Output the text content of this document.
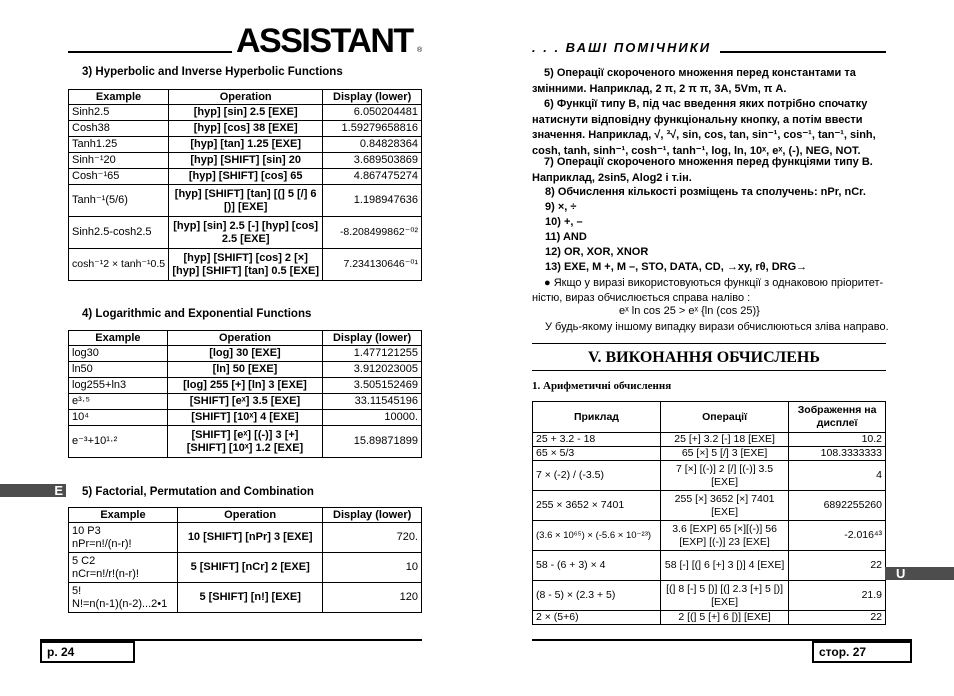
ASSISTANT ®	. . . ВАШІ ПОМІЧНИКИ
3) Hyperbolic and Inverse Hyperbolic Functions
Example	Operation	Display (lower)
Sinh2.5	[hyp] [sin] 2.5 [EXE]	6.050204481
Cosh38	[hyp] [cos] 38 [EXE]	1.59279658816
Tanh1.25	[hyp] [tan] 1.25 [EXE]	0.84828364
Sinh⁻¹20	[hyp] [SHIFT] [sin] 20	3.689503869
Cosh⁻¹65	[hyp] [SHIFT] [cos] 65	4.867475274
Tanh⁻¹(5/6)	[hyp] [SHIFT] [tan] [(] 5 [/] 6 [)] [EXE]	1.198947636
Sinh2.5-cosh2.5	[hyp] [sin] 2.5 [-] [hyp] [cos] 2.5 [EXE]	-8.208499862⁻⁰²
cosh⁻¹2 × tanh⁻¹0.5	[hyp] [SHIFT] [cos] 2 [×] [hyp] [SHIFT] [tan] 0.5 [EXE]	7.234130646⁻⁰¹
4) Logarithmic and Exponential Functions
Example	Operation	Display (lower)
log30	[log] 30 [EXE]	1.477121255
ln50	[ln] 50 [EXE]	3.912023005
log255+ln3	[log] 255 [+] [ln] 3 [EXE]	3.505152469
e³·⁵	[SHIFT] [eˣ] 3.5 [EXE]	33.11545196
10⁴	[SHIFT] [10ˣ] 4 [EXE]	10000.
e⁻³+10¹·²	[SHIFT] [eˣ] [(-)] 3 [+] [SHIFT] [10ˣ] 1.2 [EXE]	15.89871899
E 5) Factorial, Permutation and Combination
Example	Operation	Display (lower)

10 P3
nPr=n!/(n-r)!	10 [SHIFT] [nPr] 3 [EXE]	720.

5 C2
nCr=n!/r!(n-r)!	5 [SHIFT] [nCr] 2 [EXE]	10

5!
N!=n(n-1)(n-2)...2•1	5 [SHIFT] [n!] [EXE]	120
5) Операції скороченого множення перед константами та змінними. Наприклад, 2 π, 2 π π, 3A, 5Vm, π A.
6) Функції типу В, під час введення яких потрібно спочатку натиснути відповідну функціональну кнопку, а потім ввести значення. Наприклад, √, ³√, sin, cos, tan, sin⁻¹, cos⁻¹, tan⁻¹, sinh, cosh, tanh, sinh⁻¹, cosh⁻¹, tanh⁻¹, log, ln, 10ˣ, eˣ, (-), NEG, NOT.
7) Операції скороченого множення перед функціями типу B. Наприклад, 2sin5, Alog2 і т.ін.
8) Обчислення кількості розміщень та сполучень: nPr, nCr.
9) ×, ÷
10) +, –
11) AND
12) OR, XOR, XNOR
13) EXE, M +, M –, STO, DATA, CD, →xy, rθ, DRG→
● Якщо у виразі використовуються функції з однаковою пріоритет-ністю, вираз обчислюється справа наліво :
eˣ ln cos 25 > eˣ {ln (cos 25)}
У будь-якому іншому випадку вирази обчислюються зліва направо.
V. ВИКОНАННЯ ОБЧИСЛЕНЬ
1. Арифметичні обчислення
Приклад	Операції	Зображення на дисплеї
25 + 3.2 - 18	25 [+] 3.2 [-] 18 [EXE]	10.2
65 × 5/3	65 [×] 5 [/] 3 [EXE]	108.3333333
7 × (-2) / (-3.5)	7 [×] [(-)] 2 [/] [(-)] 3.5 [EXE]	4
255 × 3652 × 7401	255 [×] 3652 [×] 7401 [EXE]	6892255260
(3.6 × 10⁶⁵) × (-5.6 × 10⁻²³)	3.6 [EXP] 65 [×][(-)] 56 [EXP] [(-)] 23 [EXE]	-2.016⁴³
58 - (6 + 3) × 4	58 [-] [(] 6 [+] 3 [)] 4 [EXE]	22
(8 - 5) × (2.3 + 5)	[(] 8 [-] 5 [)] [(] 2.3 [+] 5 [)] [EXE]	21.9
2 × (5+6)	2 [(] 5 [+] 6 [)] [EXE]	22
U
р. 24	стор. 27
